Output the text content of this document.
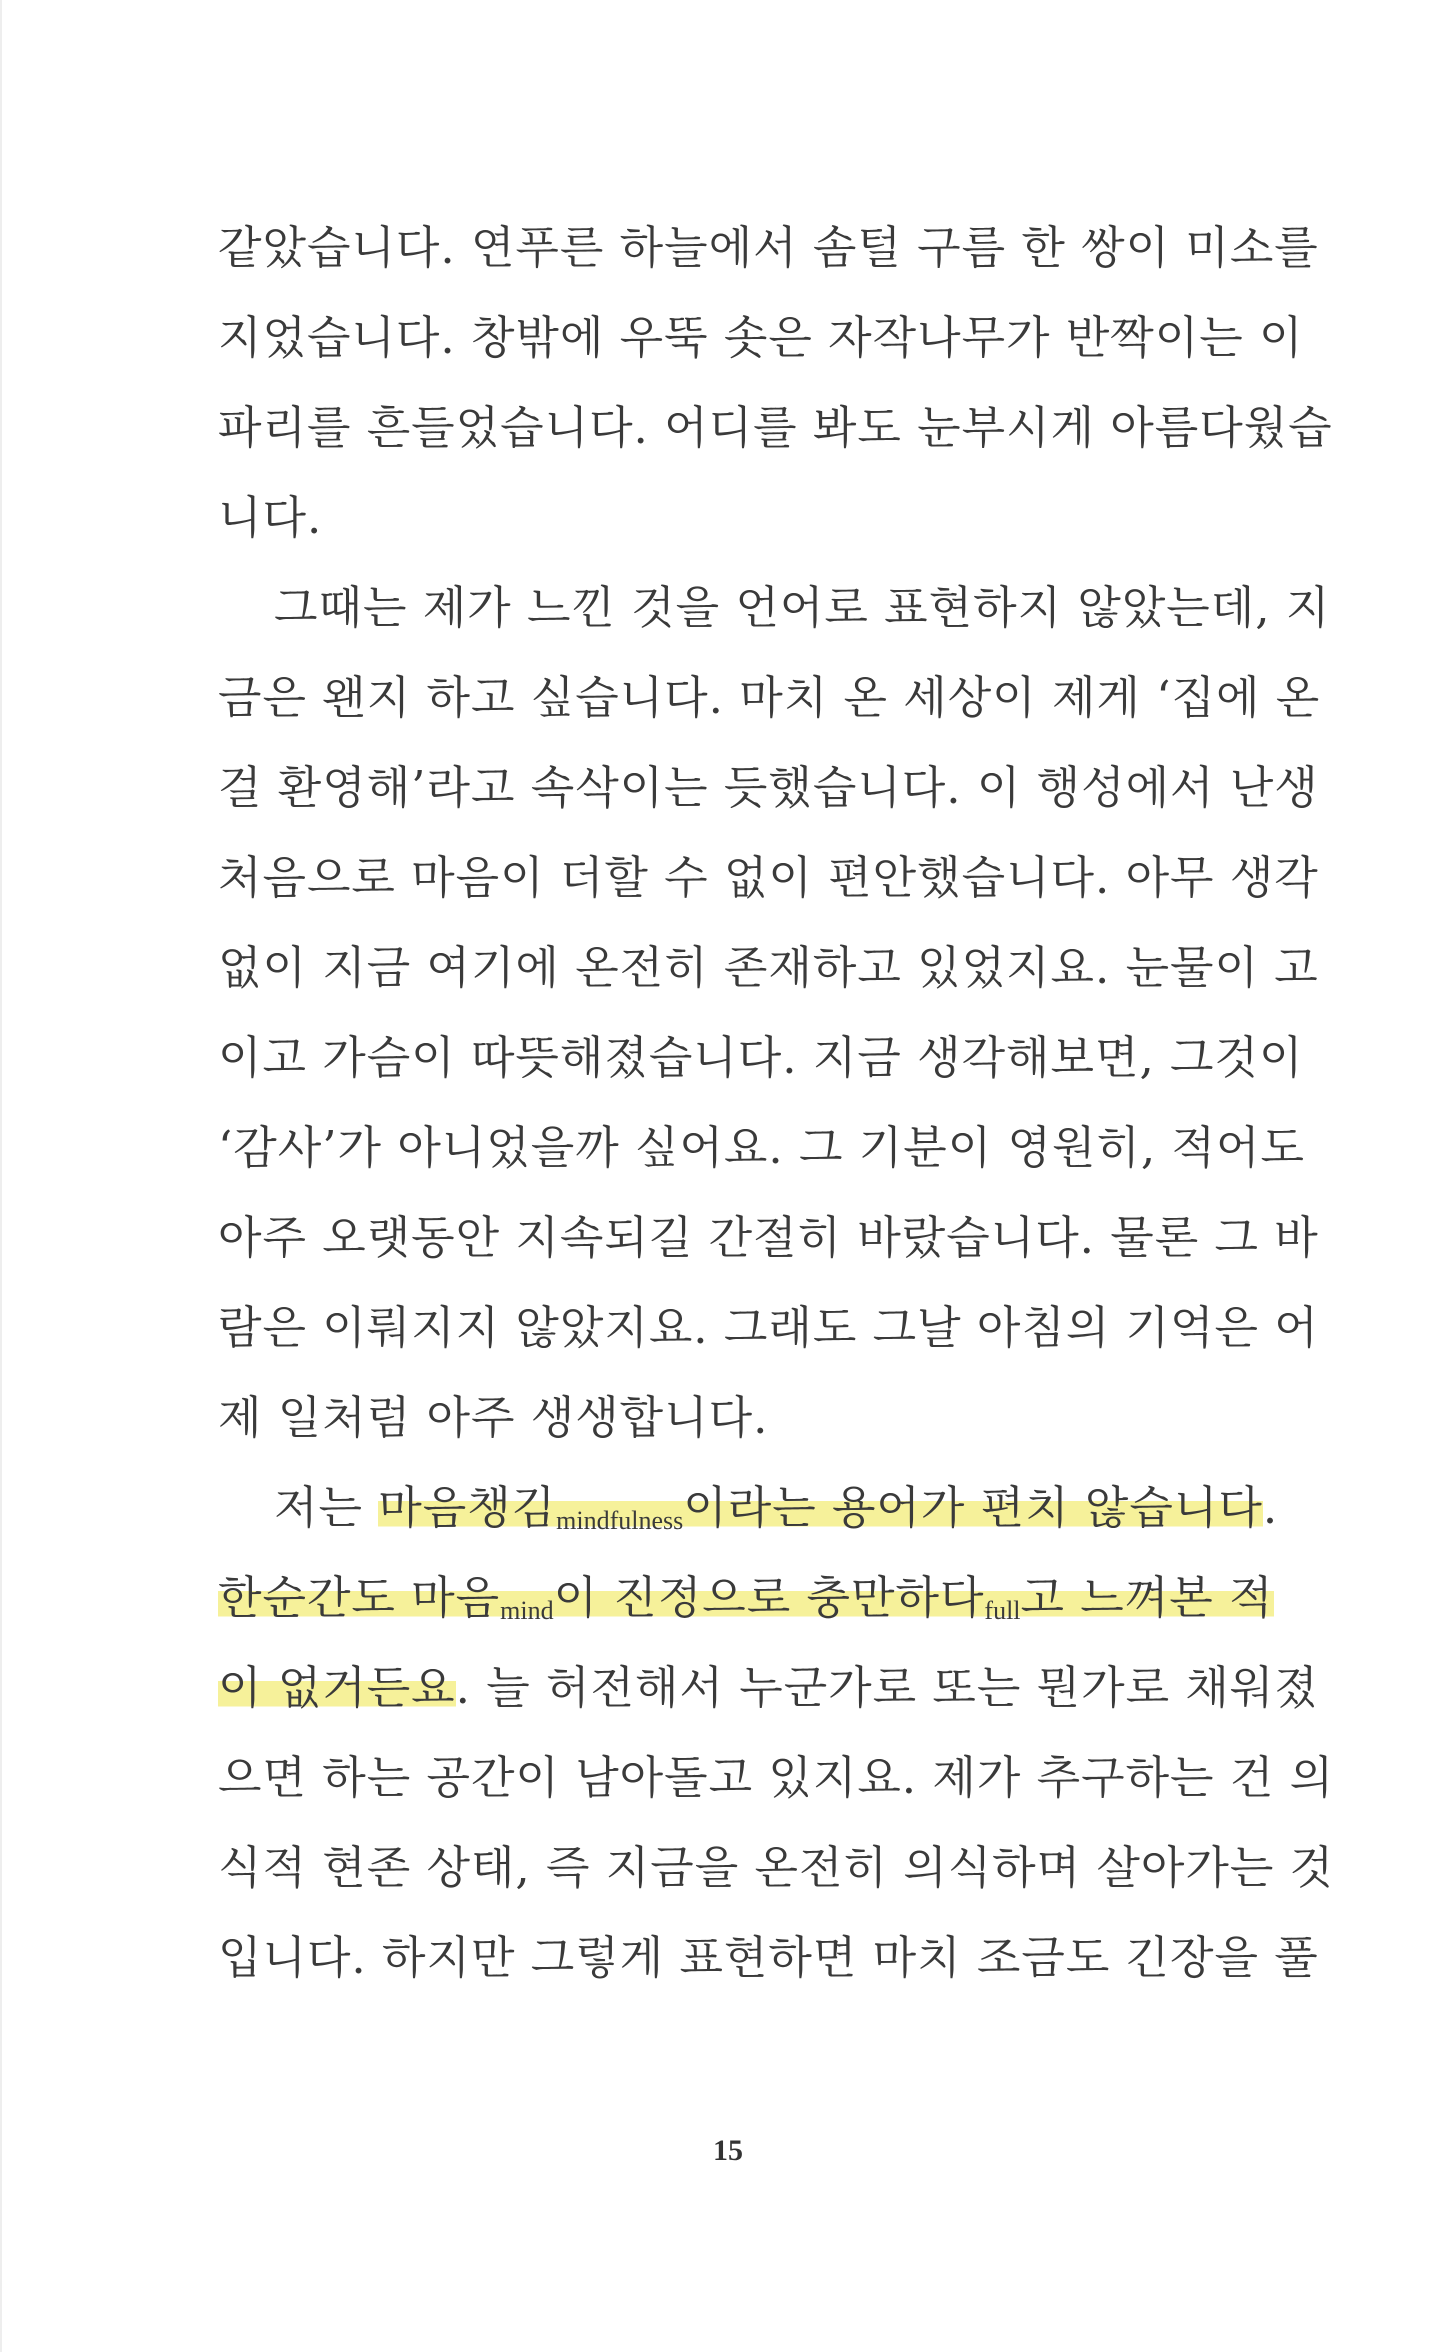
같았습니다. 연푸른 하늘에서 솜털 구름 한 쌍이 미소를
지었습니다. 창밖에 우뚝 솟은 자작나무가 반짝이는 이
파리를 흔들었습니다. 어디를 봐도 눈부시게 아름다웠습
니다.
그때는 제가 느낀 것을 언어로 표현하지 않았는데, 지
금은 왠지 하고 싶습니다. 마치 온 세상이 제게 ‘집에 온
걸 환영해’라고 속삭이는 듯했습니다. 이 행성에서 난생
처음으로 마음이 더할 수 없이 편안했습니다. 아무 생각
없이 지금 여기에 온전히 존재하고 있었지요. 눈물이 고
이고 가슴이 따뜻해졌습니다. 지금 생각해보면, 그것이
‘감사’가 아니었을까 싶어요. 그 기분이 영원히, 적어도
아주 오랫동안 지속되길 간절히 바랐습니다. 물론 그 바
람은 이뤄지지 않았지요. 그래도 그날 아침의 기억은 어
제 일처럼 아주 생생합니다.
저는 마음챙김mindfulness이라는 용어가 편치 않습니다.
한순간도 마음mind이 진정으로 충만하다full고 느껴본 적
이 없거든요. 늘 허전해서 누군가로 또는 뭔가로 채워졌
으면 하는 공간이 남아돌고 있지요. 제가 추구하는 건 의
식적 현존 상태, 즉 지금을 온전히 의식하며 살아가는 것
입니다. 하지만 그렇게 표현하면 마치 조금도 긴장을 풀
15
